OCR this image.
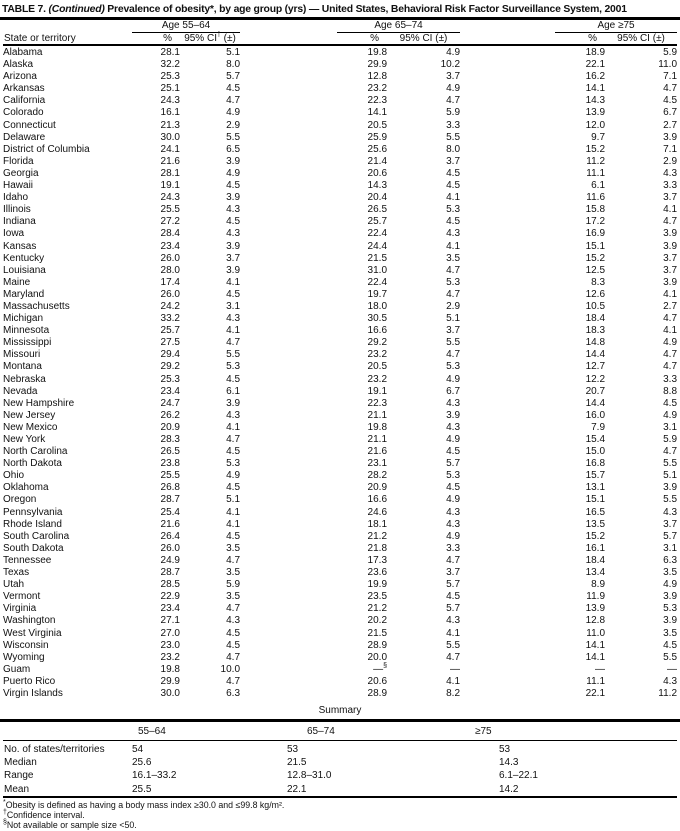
TABLE 7. (Continued) Prevalence of obesity*, by age group (yrs) — United States, Behavioral Risk Factor Surveillance System, 2001

	Age 55–64			Age 65–74			Age ≥75	

State or territory	%	95% CI† (±)		%	95% CI (±)		%	95% CI (±)
Alabama	28.1	5.1		19.8	4.9		18.9	5.9
Alaska	32.2	8.0		29.9	10.2		22.1	11.0
Arizona	25.3	5.7		12.8	3.7		16.2	7.1
Arkansas	25.1	4.5		23.2	4.9		14.1	4.7
California	24.3	4.7		22.3	4.7		14.3	4.5
Colorado	16.1	4.9		14.1	5.9		13.9	6.7
Connecticut	21.3	2.9		20.5	3.3		12.0	2.7
Delaware	30.0	5.5		25.9	5.5		9.7	3.9
District of Columbia	24.1	6.5		25.6	8.0		15.2	7.1
Florida	21.6	3.9		21.4	3.7		11.2	2.9
Georgia	28.1	4.9		20.6	4.5		11.1	4.3
Hawaii	19.1	4.5		14.3	4.5		6.1	3.3
Idaho	24.3	3.9		20.4	4.1		11.6	3.7
Illinois	25.5	4.3		26.5	5.3		15.8	4.1
Indiana	27.2	4.5		25.7	4.5		17.2	4.7
Iowa	28.4	4.3		22.4	4.3		16.9	3.9
Kansas	23.4	3.9		24.4	4.1		15.1	3.9
Kentucky	26.0	3.7		21.5	3.5		15.2	3.7
Louisiana	28.0	3.9		31.0	4.7		12.5	3.7
Maine	17.4	4.1		22.4	5.3		8.3	3.9
Maryland	26.0	4.5		19.7	4.7		12.6	4.1
Massachusetts	24.2	3.1		18.0	2.9		10.5	2.7
Michigan	33.2	4.3		30.5	5.1		18.4	4.7
Minnesota	25.7	4.1		16.6	3.7		18.3	4.1
Mississippi	27.5	4.7		29.2	5.5		14.8	4.9
Missouri	29.4	5.5		23.2	4.7		14.4	4.7
Montana	29.2	5.3		20.5	5.3		12.7	4.7
Nebraska	25.3	4.5		23.2	4.9		12.2	3.3
Nevada	23.4	6.1		19.1	6.7		20.7	8.8
New Hampshire	24.7	3.9		22.3	4.3		14.4	4.5
New Jersey	26.2	4.3		21.1	3.9		16.0	4.9
New Mexico	20.9	4.1		19.8	4.3		7.9	3.1
New York	28.3	4.7		21.1	4.9		15.4	5.9
North Carolina	26.5	4.5		21.6	4.5		15.0	4.7
North Dakota	23.8	5.3		23.1	5.7		16.8	5.5
Ohio	25.5	4.9		28.2	5.3		15.7	5.1
Oklahoma	26.8	4.5		20.9	4.5		13.1	3.9
Oregon	28.7	5.1		16.6	4.9		15.1	5.5
Pennsylvania	25.4	4.1		24.6	4.3		16.5	4.3
Rhode Island	21.6	4.1		18.1	4.3		13.5	3.7
South Carolina	26.4	4.5		21.2	4.9		15.2	5.7
South Dakota	26.0	3.5		21.8	3.3		16.1	3.1
Tennessee	24.9	4.7		17.3	4.7		18.4	6.3
Texas	28.7	3.5		23.6	3.7		13.4	3.5
Utah	28.5	5.9		19.9	5.7		8.9	4.9
Vermont	22.9	3.5		23.5	4.5		11.9	3.9
Virginia	23.4	4.7		21.2	5.7		13.9	5.3
Washington	27.1	4.3		20.2	4.3		12.8	3.9
West Virginia	27.0	4.5		21.5	4.1		11.0	3.5
Wisconsin	23.0	4.5		28.9	5.5		14.1	4.5
Wyoming	23.2	4.7		20.0	4.7		14.1	5.5
Guam	19.8	10.0		—§	—		—	—
Puerto Rico	29.9	4.7		20.6	4.1		11.1	4.3
Virgin Islands	30.0	6.3		28.9	8.2		22.1	11.2
Summary
	55–64	65–74	≥75
No. of states/territories	54	53	53
Median	25.6	21.5	14.3
Range	16.1–33.2	12.8–31.0	6.1–22.1
Mean	25.5	22.1	14.2
*Obesity is defined as having a body mass index ≥30.0 and ≤99.8 kg/m².
†Confidence interval.
§Not available or sample size <50.
